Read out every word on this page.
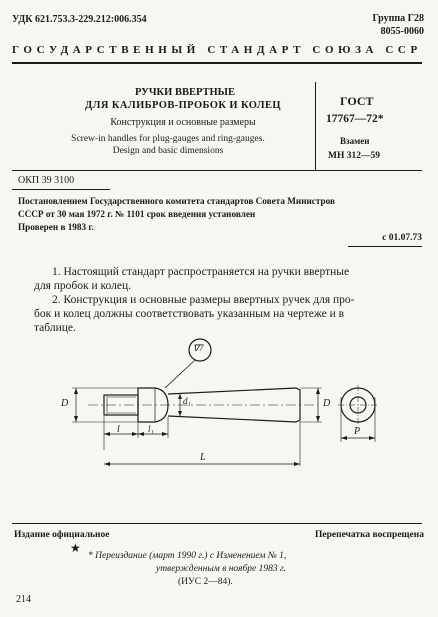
УДК 621.753.3-229.212:006.354	Группа Г28
8055-0060
ГОСУДАРСТВЕННЫЙ СТАНДАРТ СОЮЗА ССР
РУЧКИ ВВЕРТНЫЕ
ДЛЯ КАЛИБРОВ-ПРОБОК И КОЛЕЦ
Конструкция и основные размеры
Screw-in handles for plug-gauges and ring-gauges.
Design and basic dimensions
ГОСТ
17767—72*
Взамен
МН 312—59
ОКП 39 3100
Постановлением Государственного комитета стандартов Совета Министров
СССР от 30 мая 1972 г. № 1101 срок введения установлен
Проверен в 1983 г.
с 01.07.73
1. Настоящий стандарт распространяется на ручки ввертные
для пробок и колец.
2. Конструкция и основные размеры ввертных ручек для про-
бок и колец должны соответствовать указанным на чертеже и в
таблице.
∇7
D	d₁
l	l₁
L
D
P
Издание официальное	Перепечатка воспрещена
★
* Переиздание (март 1990 г.) с Изменением № 1,
утвержденным в ноябре 1983 г.
(ИУС 2—84).
214
